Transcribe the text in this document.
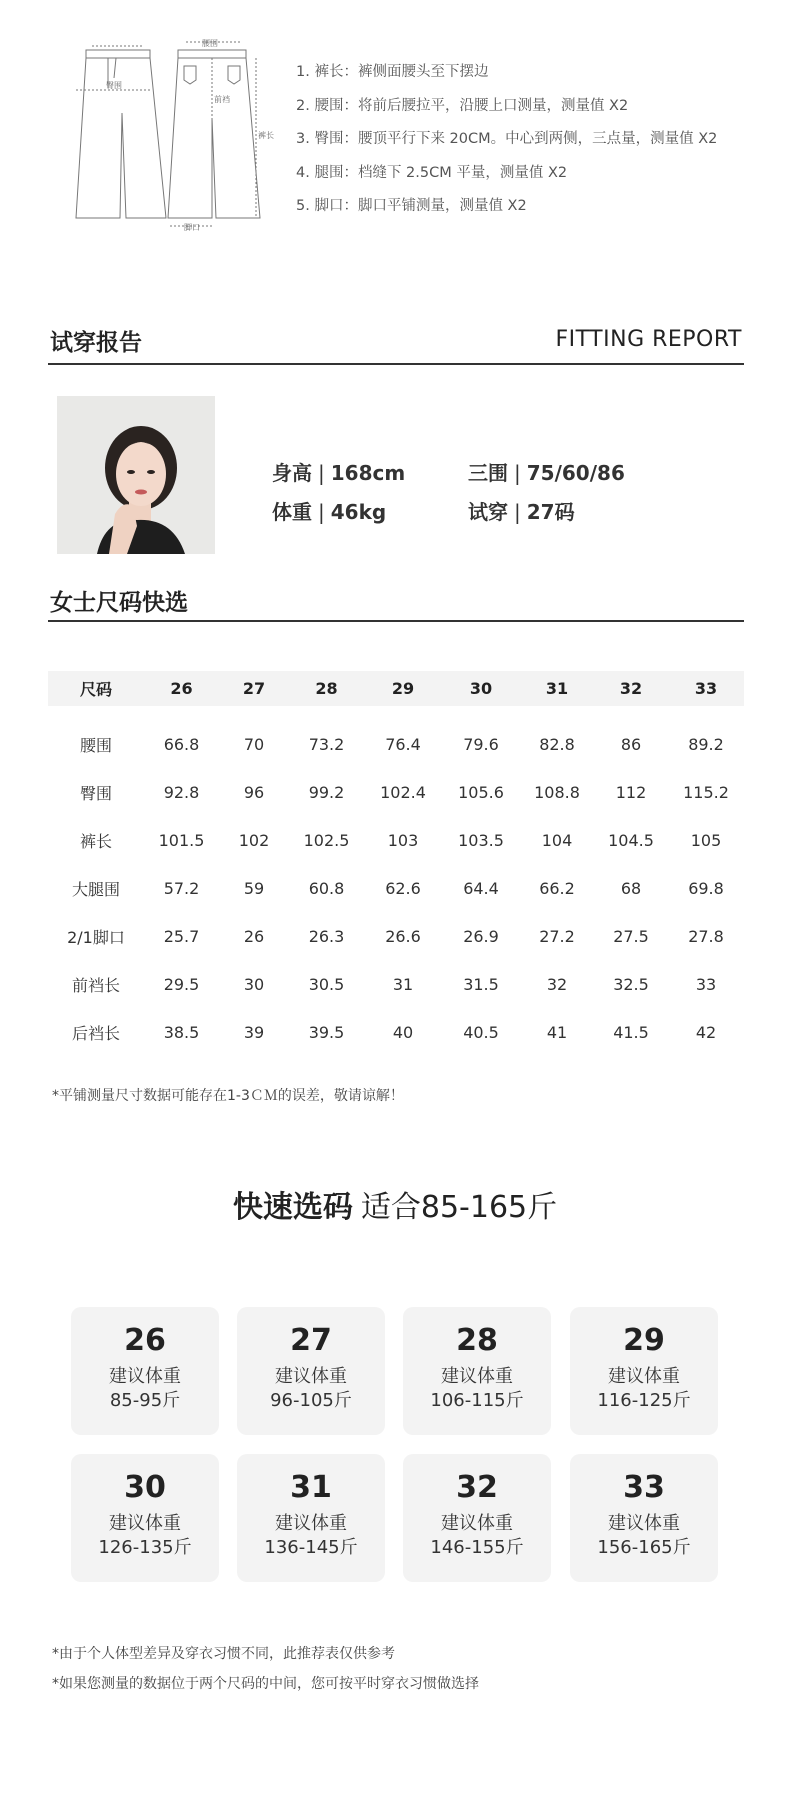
臀围
腰围
前裆
裤长
脚口
1. 裤长：裤侧面腰头至下摆边
2. 腰围：将前后腰拉平，沿腰上口测量，测量值 X2
3. 臀围：腰顶平行下来 20CM。中心到两侧，三点量，测量值 X2
4. 腿围：档缝下 2.5CM 平量，测量值 X2
5. 脚口：脚口平铺测量，测量值 X2
试穿报告	FITTING REPORT
身高 | 168cm	三围 | 75/60/86
体重 | 46kg	试穿 | 27码
女士尺码快选
尺码	26	27	28	29	30	31	32	33
腰围	66.8	70	73.2	76.4	79.6	82.8	86	89.2
臀围	92.8	96	99.2	102.4	105.6	108.8	112	115.2
裤长	101.5	102	102.5	103	103.5	104	104.5	105
大腿围	57.2	59	60.8	62.6	64.4	66.2	68	69.8
2/1脚口	25.7	26	26.3	26.6	26.9	27.2	27.5	27.8
前裆长	29.5	30	30.5	31	31.5	32	32.5	33
后裆长	38.5	39	39.5	40	40.5	41	41.5	42
*平铺测量尺寸数据可能存在1-3ＣＭ的误差，敬请谅解！
快速选码 适合85-165斤
26
建议体重
85-95斤
27
建议体重
96-105斤
28
建议体重
106-115斤
29
建议体重
116-125斤
30
建议体重
126-135斤
31
建议体重
136-145斤
32
建议体重
146-155斤
33
建议体重
156-165斤
*由于个人体型差异及穿衣习惯不同，此推荐表仅供参考
*如果您测量的数据位于两个尺码的中间，您可按平时穿衣习惯做选择
